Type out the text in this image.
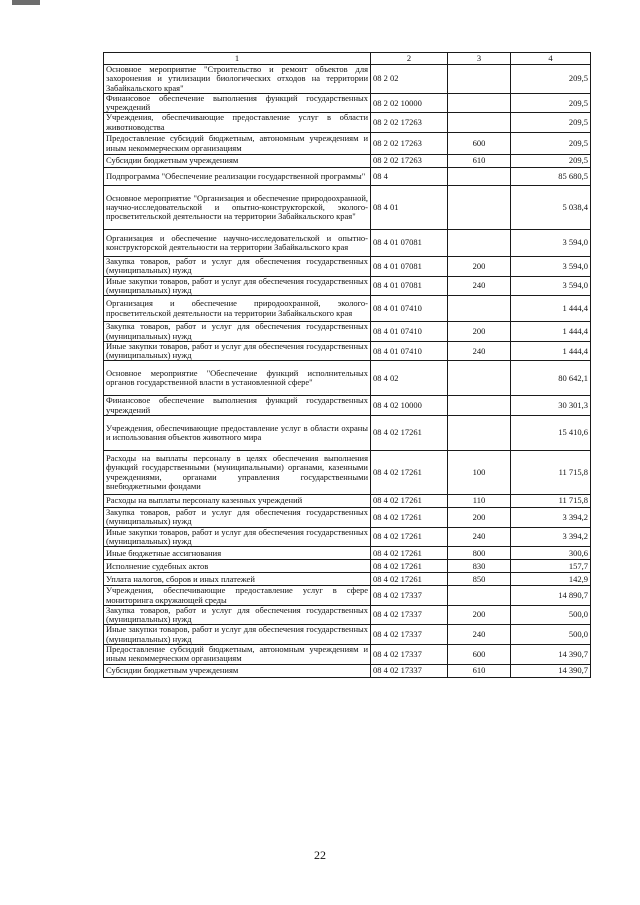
1	2	3	4
Основное мероприятие "Строительство и ремонт объектов для захоронения и утилизации биологических отходов на территории Забайкальского края"	08 2 02		209,5
Финансовое обеспечение выполнения функций государственных учреждений	08 2 02 10000		209,5
Учреждения, обеспечивающие предоставление услуг в области животноводства	08 2 02 17263		209,5
Предоставление субсидий бюджетным, автономным учреждениям и иным некоммерческим организациям	08 2 02 17263	600	209,5
Субсидии бюджетным учреждениям	08 2 02 17263	610	209,5
Подпрограмма "Обеспечение реализации государственной программы"	08 4		85 680,5
Основное мероприятие "Организация и обеспечение природоохранной, научно-исследовательской и опытно-конструкторской, эколого-просветительской деятельности на территории Забайкальского края"	08 4 01		5 038,4
Организация и обеспечение научно-исследовательской и опытно-конструкторской деятельности на территории Забайкальского края	08 4 01 07081		3 594,0
Закупка товаров, работ и услуг для обеспечения государственных (муниципальных) нужд	08 4 01 07081	200	3 594,0
Иные закупки товаров, работ и услуг для обеспечения государственных (муниципальных) нужд	08 4 01 07081	240	3 594,0
Организация и обеспечение природоохранной, эколого-просветительской деятельности на территории Забайкальского края	08 4 01 07410		1 444,4
Закупка товаров, работ и услуг для обеспечения государственных (муниципальных) нужд	08 4 01 07410	200	1 444,4
Иные закупки товаров, работ и услуг для обеспечения государственных (муниципальных) нужд	08 4 01 07410	240	1 444,4
Основное мероприятие "Обеспечение функций исполнительных органов государственной власти в установленной сфере"	08 4 02		80 642,1
Финансовое обеспечение выполнения функций государственных учреждений	08 4 02 10000		30 301,3
Учреждения, обеспечивающие предоставление услуг в области охраны и использования объектов животного мира	08 4 02 17261		15 410,6
Расходы на выплаты персоналу в целях обеспечения выполнения функций государственными (муниципальными) органами, казенными учреждениями, органами управления государственными внебюджетными фондами	08 4 02 17261	100	11 715,8
Расходы на выплаты персоналу казенных учреждений	08 4 02 17261	110	11 715,8
Закупка товаров, работ и услуг для обеспечения государственных (муниципальных) нужд	08 4 02 17261	200	3 394,2
Иные закупки товаров, работ и услуг для обеспечения государственных (муниципальных) нужд	08 4 02 17261	240	3 394,2
Иные бюджетные ассигнования	08 4 02 17261	800	300,6
Исполнение судебных актов	08 4 02 17261	830	157,7
Уплата налогов, сборов и иных платежей	08 4 02 17261	850	142,9
Учреждения, обеспечивающие предоставление услуг в сфере мониторинга окружающей среды	08 4 02 17337		14 890,7
Закупка товаров, работ и услуг для обеспечения государственных (муниципальных) нужд	08 4 02 17337	200	500,0
Иные закупки товаров, работ и услуг для обеспечения государственных (муниципальных) нужд	08 4 02 17337	240	500,0
Предоставление субсидий бюджетным, автономным учреждениям и иным некоммерческим организациям	08 4 02 17337	600	14 390,7
Субсидии бюджетным учреждениям	08 4 02 17337	610	14 390,7
22
